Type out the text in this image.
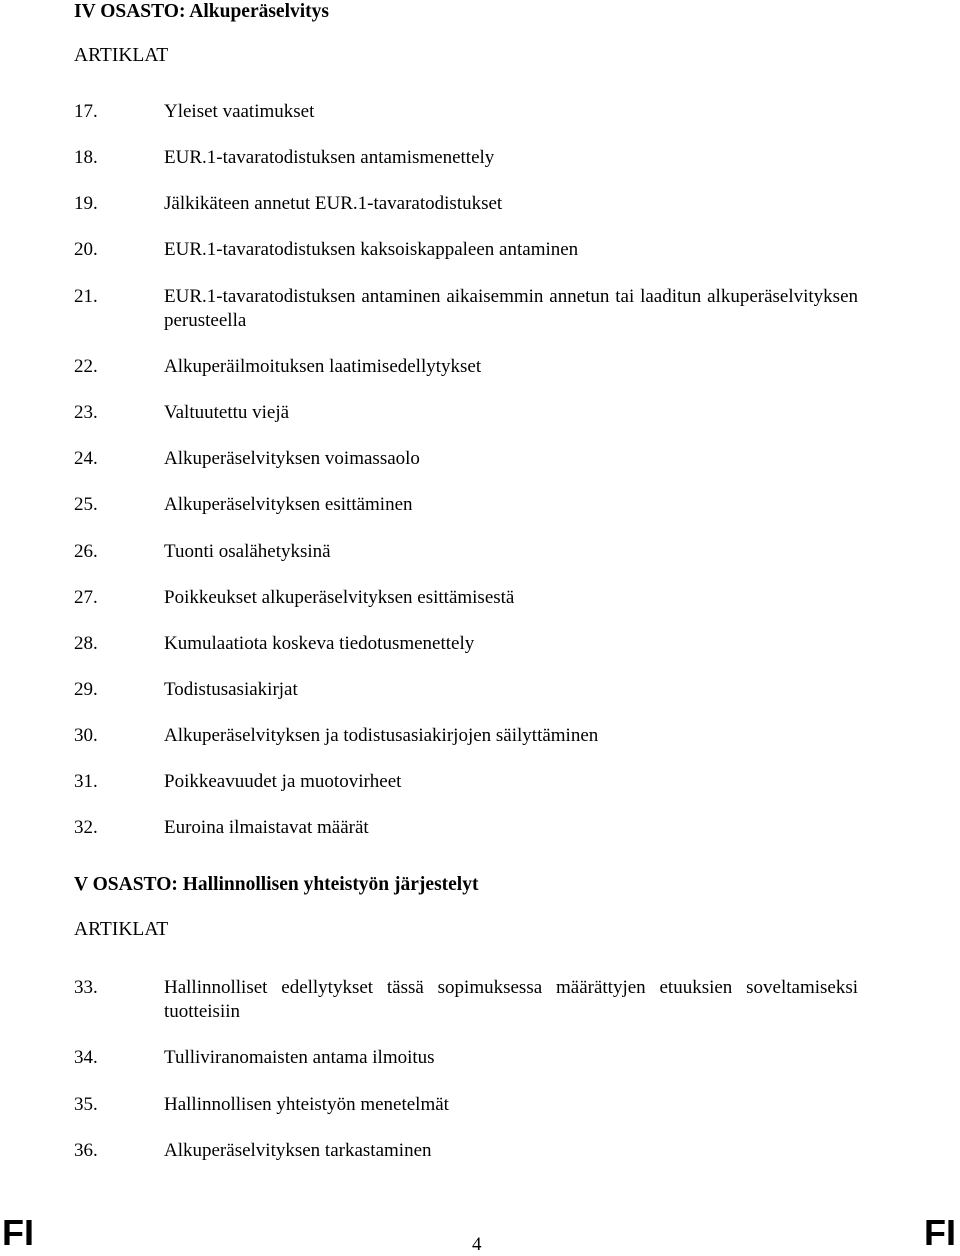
IV OSASTO: Alkuperäselvitys
ARTIKLAT
17.	Yleiset vaatimukset
18.	EUR.1-tavaratodistuksen antamismenettely
19.	Jälkikäteen annetut EUR.1-tavaratodistukset
20.	EUR.1-tavaratodistuksen kaksoiskappaleen antaminen
21.	EUR.1-tavaratodistuksen antaminen aikaisemmin annetun tai laaditun alkuperäselvityksen perusteella
22.	Alkuperäilmoituksen laatimisedellytykset
23.	Valtuutettu viejä
24.	Alkuperäselvityksen voimassaolo
25.	Alkuperäselvityksen esittäminen
26.	Tuonti osalähetyksinä
27.	Poikkeukset alkuperäselvityksen esittämisestä
28.	Kumulaatiota koskeva tiedotusmenettely
29.	Todistusasiakirjat
30.	Alkuperäselvityksen ja todistusasiakirjojen säilyttäminen
31.	Poikkeavuudet ja muotovirheet
32.	Euroina ilmaistavat määrät
V OSASTO: Hallinnollisen yhteistyön järjestelyt
ARTIKLAT
33.	Hallinnolliset edellytykset tässä sopimuksessa määrättyjen etuuksien soveltamiseksi tuotteisiin
34.	Tulliviranomaisten antama ilmoitus
35.	Hallinnollisen yhteistyön menetelmät
36.	Alkuperäselvityksen tarkastaminen
FI	4	FI
